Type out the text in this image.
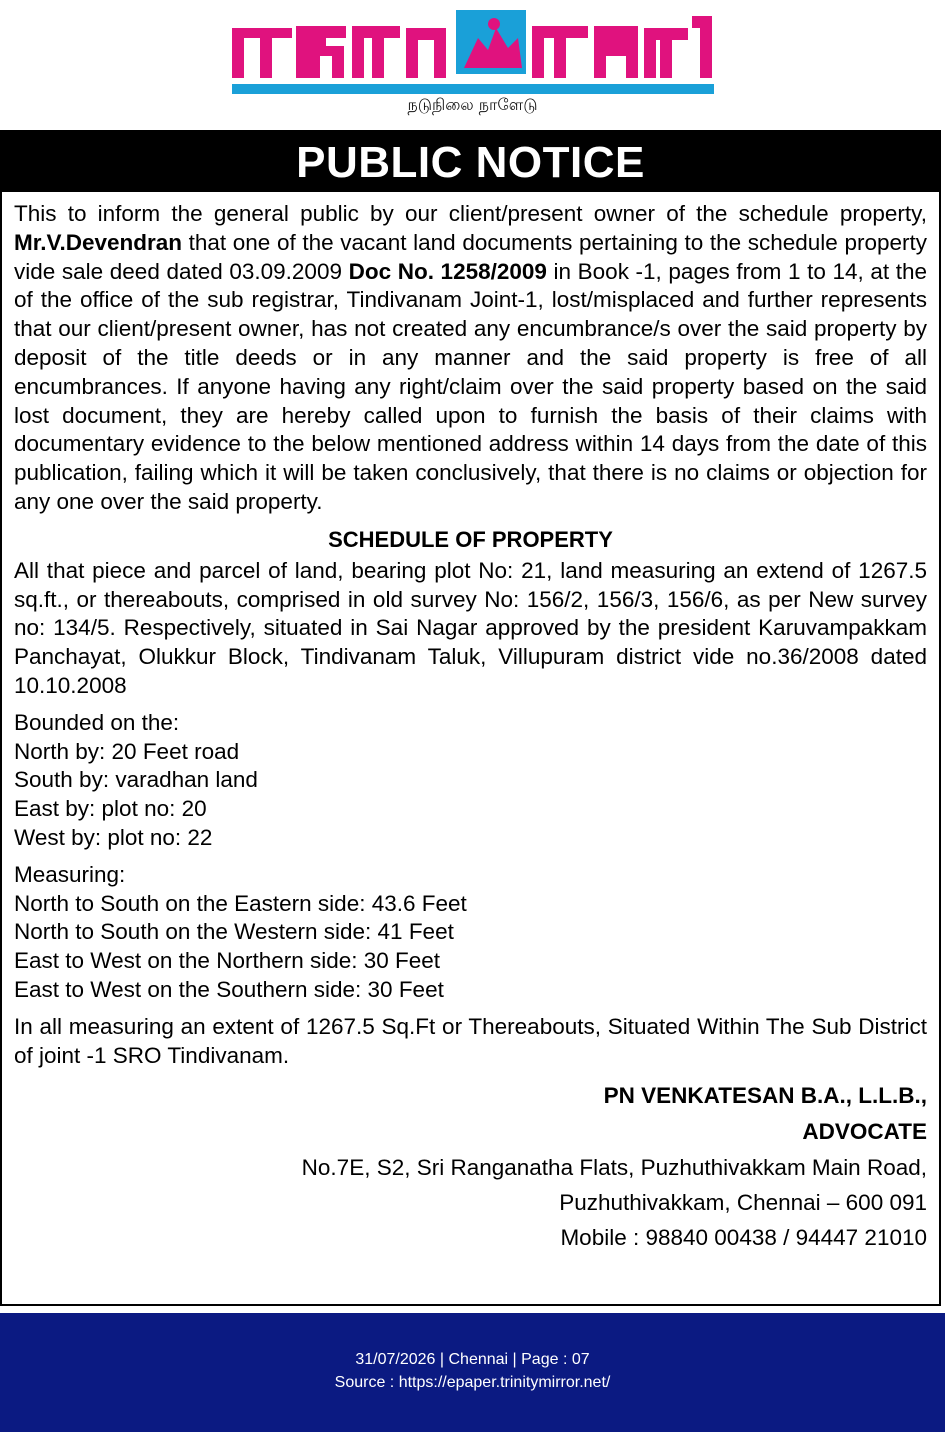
நடுநிலை நாளேடு
PUBLIC NOTICE

This to inform the general public by our client/present owner of the schedule property, Mr.V.Devendran that one of the vacant land documents pertaining to the schedule property vide sale deed dated 03.09.2009 Doc No. 1258/2009 in Book -1, pages from 1 to 14, at the of the office of the sub registrar, Tindivanam Joint-1, lost/misplaced and further represents that our client/present owner, has not created any encumbrance/s over the said property by deposit of the title deeds or in any manner and the said property is free of all encumbrances. If anyone having any right/claim over the said property based on the said lost document, they are hereby called upon to furnish the basis of their claims with documentary evidence to the below mentioned address within 14 days from the date of this publication, failing which it will be taken conclusively, that there is no claims or objection for any one over the said property.

SCHEDULE OF PROPERTY

All that piece and parcel of land, bearing plot No: 21, land measuring an extend of 1267.5 sq.ft., or thereabouts, comprised in old survey No: 156/2, 156/3, 156/6, as per New survey no: 134/5. Respectively, situated in Sai Nagar approved by the president Karuvampakkam Panchayat, Olukkur Block, Tindivanam Taluk, Villupuram district vide no.36/2008 dated 10.10.2008

Bounded on the:
North by: 20 Feet road
South by: varadhan land
East by: plot no: 20
West by: plot no: 22
Measuring:
North to South on the Eastern side: 43.6 Feet
North to South on the Western side: 41 Feet
East to West on the Northern side: 30 Feet
East to West on the Southern side: 30 Feet

In all measuring an extent of 1267.5 Sq.Ft or Thereabouts, Situated Within The Sub District of joint -1 SRO Tindivanam.

PN VENKATESAN B.A., L.L.B.,
ADVOCATE
No.7E, S2, Sri Ranganatha Flats, Puzhuthivakkam Main Road,
Puzhuthivakkam, Chennai – 600 091
Mobile : 98840 00438 / 94447 21010
31/07/2026 | Chennai | Page : 07
Source : https://epaper.trinitymirror.net/
